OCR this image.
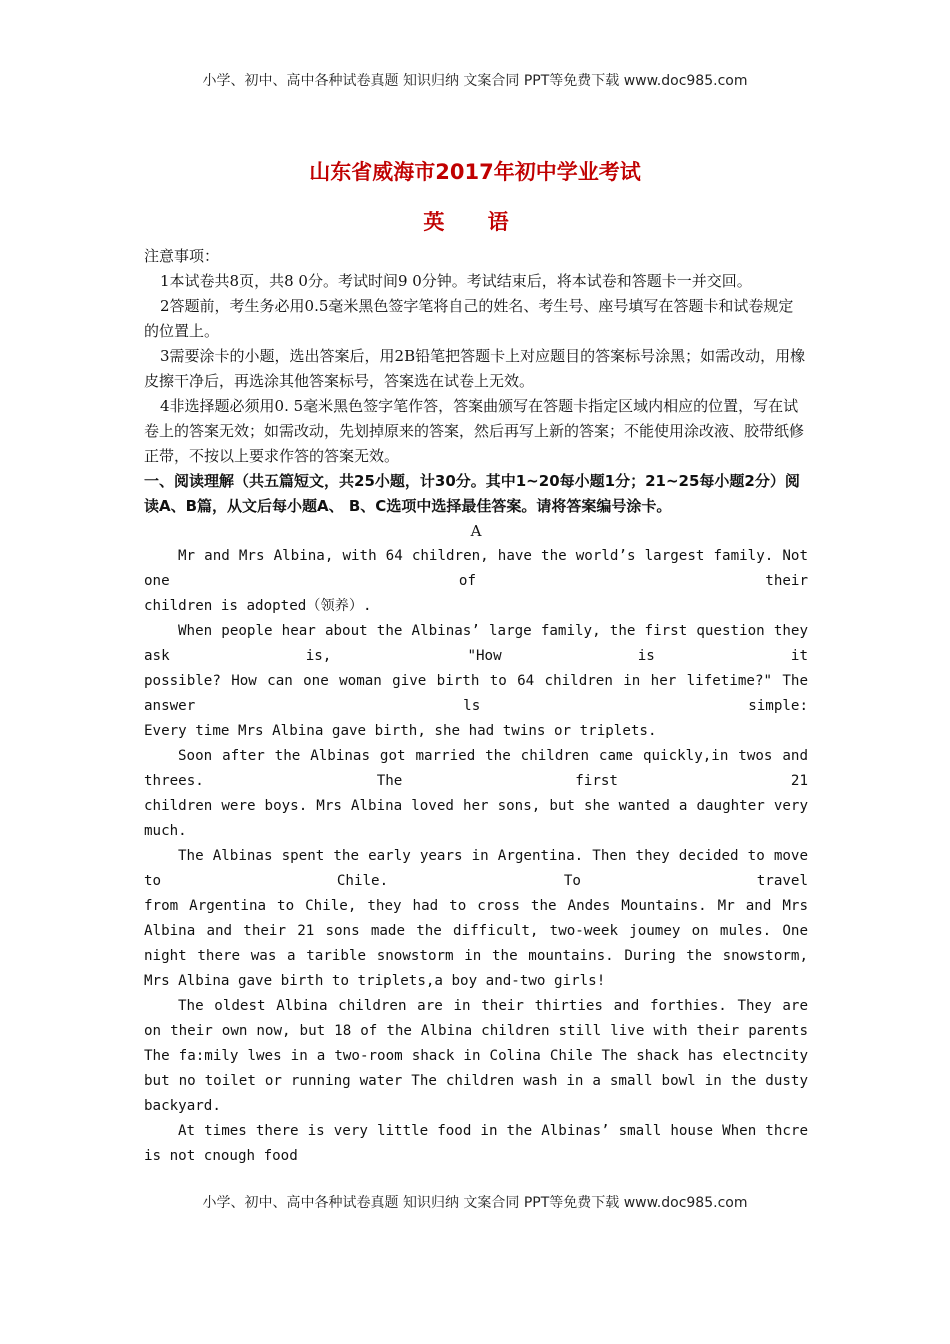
小学、初中、高中各种试卷真题 知识归纳 文案合同 PPT等免费下载 www.doc985.com
山东省威海市2017年初中学业考试
英 语

注意事项：

1本试卷共8页，共8 0分。考试时间9 0分钟。考试结束后，将本试卷和答题卡一并交回。

2答题前，考生务必用0.5毫米黑色签字笔将自己的姓名、考生号、座号填写在答题卡和试卷规定的位置上。

3需要涂卡的小题，选出答案后，用2B铅笔把答题卡上对应题目的答案标号涂黑；如需改动，用橡皮擦干净后，再选涂其他答案标号，答案选在试卷上无效。

4非选择题必须用0. 5毫米黑色签字笔作答，答案曲颁写在答题卡指定区域内相应的位置，写在试卷上的答案无效；如需改动，先划掉原来的答案，然后再写上新的答案；不能使用涂改液、胶带纸修正带，不按以上要求作答的答案无效。

一、阅读理解（共五篇短文，共25小题，计30分。其中1~20每小题1分；21~25每小题2分）阅读A、B篇，从文后每小题A、 B、C选项中选择最佳答案。请将答案编号涂卡。

A

Mr and Mrs Albina, with 64 children, have the world’s largest family. Not one of their

children is adopted（领养）.

When people hear about the Albinas’ large family, the first question they ask is, "How is it

possible? How can one woman give birth to 64 children in her lifetime?" The answer ls simple:

Every time Mrs Albina gave birth, she had twins or triplets.

Soon after the Albinas got married the children came quickly,in twos and threes. The first 21

children were boys. Mrs Albina loved her sons, but she wanted a daughter very much.

The Albinas spent the early years in Argentina. Then they decided to move to Chile. To travel

from Argentina to Chile, they had to cross the Andes Mountains. Mr and Mrs Albina and their 21 sons made the difficult, two-week joumey on mules. One night there was a tarible snowstorm in the mountains. During the snowstorm, Mrs Albina gave birth to triplets,a boy and-two girls!

The oldest Albina children are in their thirties and forthies. They are on their own now, but 18 of the Albina children still live with their parents The fa:mily lwes in a two-room shack in Colina Chile The shack has electncity but no toilet or running water The children wash in a small bowl in the dusty backyard.

At times there is very little food in the Albinas’ small house When thcre is not cnough food

小学、初中、高中各种试卷真题 知识归纳 文案合同 PPT等免费下载 www.doc985.com
